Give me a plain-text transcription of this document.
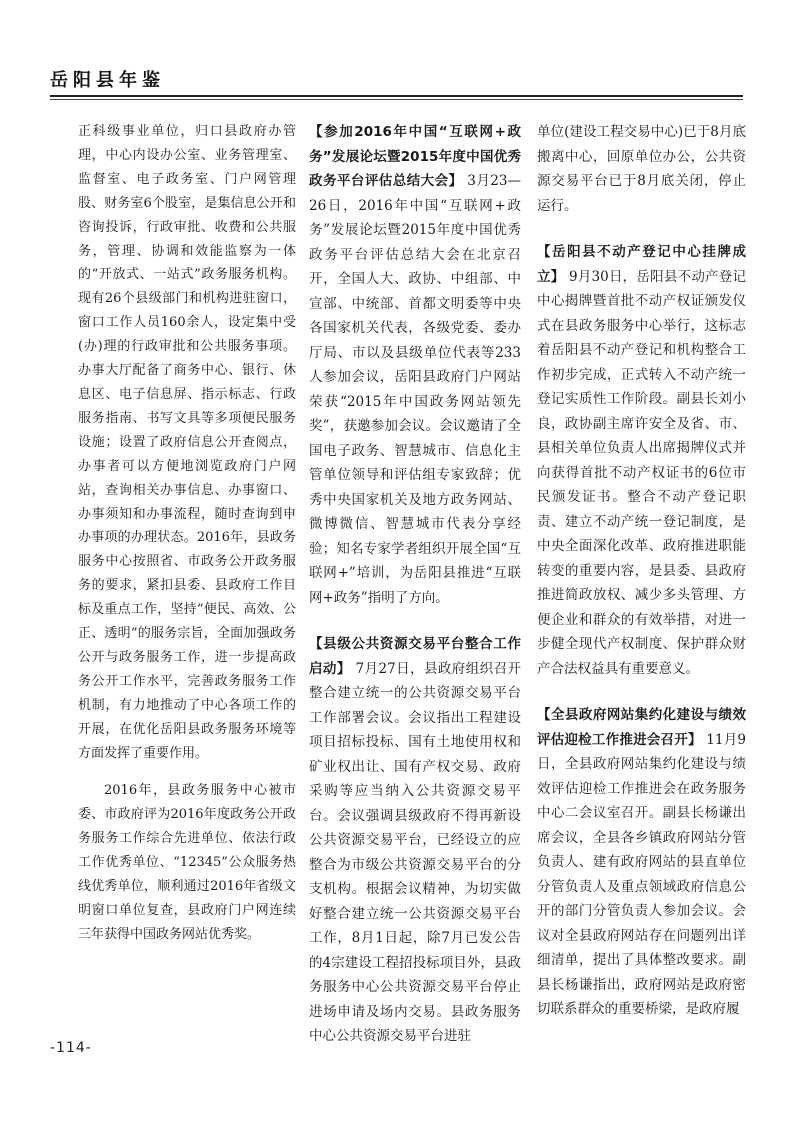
岳阳县年鉴

正科级事业单位，归口县政府办管理，中心内设办公室、业务管理室、监督室、电子政务室、门户网管理股、财务室6个股室，是集信息公开和咨询投诉，行政审批、收费和公共服务，管理、协调和效能监察为一体的“开放式、一站式”政务服务机构。现有26个县级部门和机构进驻窗口，窗口工作人员160余人，设定集中受(办)理的行政审批和公共服务事项。办事大厅配备了商务中心、银行、休息区、电子信息屏、指示标志、行政服务指南、书写文具等多项便民服务设施；设置了政府信息公开查阅点，办事者可以方便地浏览政府门户网站，查询相关办事信息、办事窗口、办事须知和办事流程，随时查询到申办事项的办理状态。2016年，县政务服务中心按照省、市政务公开政务服务的要求，紧扣县委、县政府工作目标及重点工作，坚持“便民、高效、公正、透明”的服务宗旨，全面加强政务公开与政务服务工作，进一步提高政务公开工作水平，完善政务服务工作机制，有力地推动了中心各项工作的开展，在优化岳阳县政务服务环境等方面发挥了重要作用。

2016年，县政务服务中心被市委、市政府评为2016年度政务公开政务服务工作综合先进单位、依法行政工作优秀单位、“12345”公众服务热线优秀单位，顺利通过2016年省级文明窗口单位复查，县政府门户网连续三年获得中国政务网站优秀奖。

【参加2016年中国“互联网+政务”发展论坛暨2015年度中国优秀政务平台评估总结大会】 3月23—26日，2016年中国“互联网+政务”发展论坛暨2015年度中国优秀政务平台评估总结大会在北京召开，全国人大、政协、中组部、中宣部、中统部、首都文明委等中央各国家机关代表，各级党委、委办厅局、市以及县级单位代表等233人参加会议，岳阳县政府门户网站荣获“2015年中国政务网站领先奖”，获邀参加会议。会议邀请了全国电子政务、智慧城市、信息化主管单位领导和评估组专家致辞；优秀中央国家机关及地方政务网站、微博微信、智慧城市代表分享经验；知名专家学者组织开展全国“互联网+”培训，为岳阳县推进“互联网+政务”指明了方向。

【县级公共资源交易平台整合工作启动】 7月27日，县政府组织召开整合建立统一的公共资源交易平台工作部署会议。会议指出工程建设项目招标投标、国有土地使用权和矿业权出让、国有产权交易、政府采购等应当纳入公共资源交易平台。会议强调县级政府不得再新设公共资源交易平台，已经设立的应整合为市级公共资源交易平台的分支机构。根据会议精神，为切实做好整合建立统一公共资源交易平台工作，8月1日起，除7月已发公告的4宗建设工程招投标项目外，县政务服务中心公共资源交易平台停止进场申请及场内交易。县政务服务中心公共资源交易平台进驻

单位(建设工程交易中心)已于8月底搬离中心，回原单位办公，公共资源交易平台已于8月底关闭，停止运行。

【岳阳县不动产登记中心挂牌成立】 9月30日，岳阳县不动产登记中心揭牌暨首批不动产权证颁发仪式在县政务服务中心举行，这标志着岳阳县不动产登记和机构整合工作初步完成，正式转入不动产统一登记实质性工作阶段。副县长刘小良，政协副主席许安全及省、市、县相关单位负责人出席揭牌仪式并向获得首批不动产权证书的6位市民颁发证书。整合不动产登记职责、建立不动产统一登记制度，是中央全面深化改革、政府推进职能转变的重要内容，是县委、县政府推进简政放权、减少多头管理、方便企业和群众的有效举措，对进一步健全现代产权制度、保护群众财产合法权益具有重要意义。

【全县政府网站集约化建设与绩效评估迎检工作推进会召开】 11月9日，全县政府网站集约化建设与绩效评估迎检工作推进会在政务服务中心二会议室召开。副县长杨谦出席会议，全县各乡镇政府网站分管负责人、建有政府网站的县直单位分管负责人及重点领域政府信息公开的部门分管负责人参加会议。会议对全县政府网站存在问题列出详细清单，提出了具体整改要求。副县长杨谦指出，政府网站是政府密切联系群众的重要桥梁，是政府履

-114-
